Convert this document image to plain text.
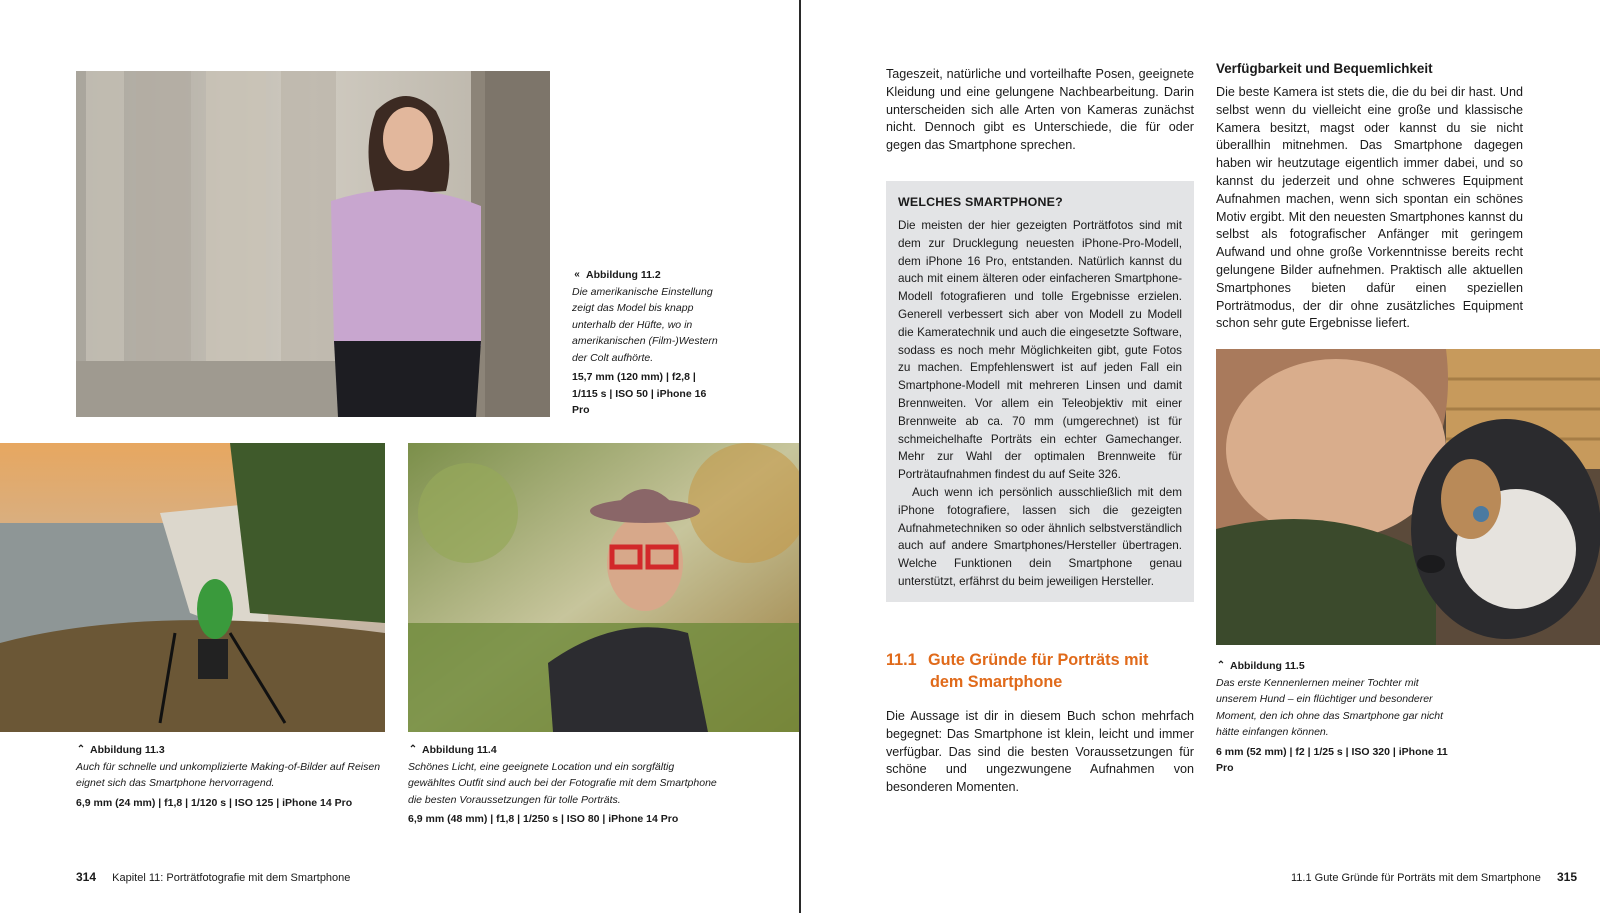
« Abbildung 11.2
Die amerikanische Einstellung zeigt das Model bis knapp unterhalb der Hüfte, wo in amerikanischen (Film-)Western der Colt aufhörte.
15,7 mm (120 mm) | f2,8 | 1/115 s | ISO 50 | iPhone 16 Pro
⌃ Abbildung 11.3
Auch für schnelle und unkomplizierte Making-of-Bilder auf Reisen eignet sich das Smartphone hervorragend.
6,9 mm (24 mm) | f1,8 | 1/120 s | ISO 125 | iPhone 14 Pro
⌃ Abbildung 11.4
Schönes Licht, eine geeignete Location und ein sorgfältig gewähltes Outfit sind auch bei der Fotografie mit dem Smartphone die besten Voraussetzungen für tolle Porträts.
6,9 mm (48 mm) | f1,8 | 1/250 s | ISO 80 | iPhone 14 Pro
314 Kapitel 11: Porträtfotografie mit dem Smartphone

Tageszeit, natürliche und vorteilhafte Posen, geeignete Kleidung und eine gelungene Nachbearbeitung. Darin unterscheiden sich alle Arten von Kameras zunächst nicht. Dennoch gibt es Unterschiede, die für oder gegen das Smartphone sprechen.

WELCHES SMARTPHONE?

Die meisten der hier gezeigten Porträtfotos sind mit dem zur Drucklegung neuesten iPhone-Pro-Modell, dem iPhone 16 Pro, entstanden. Natürlich kannst du auch mit einem älteren oder einfacheren Smartphone-Modell fotografieren und tolle Ergebnisse erzielen. Generell verbessert sich aber von Modell zu Modell die Kameratechnik und auch die eingesetzte Software, sodass es noch mehr Möglichkeiten gibt, gute Fotos zu machen. Empfehlenswert ist auf jeden Fall ein Smartphone-Modell mit mehreren Linsen und damit Brennweiten. Vor allem ein Teleobjektiv mit einer Brennweite ab ca. 70 mm (umgerechnet) ist für schmeichelhafte Porträts ein echter Gamechanger. Mehr zur Wahl der optimalen Brennweite für Porträtaufnahmen findest du auf Seite 326.

Auch wenn ich persönlich ausschließlich mit dem iPhone fotografiere, lassen sich die gezeigten Aufnahmetechniken so oder ähnlich selbstverständlich auch auf andere Smartphones/Hersteller übertragen. Welche Funktionen dein Smartphone genau unterstützt, erfährst du beim jeweiligen Hersteller.

11.1 Gute Gründe für Porträts mit
dem Smartphone

Die Aussage ist dir in diesem Buch schon mehrfach begegnet: Das Smartphone ist klein, leicht und immer verfügbar. Das sind die besten Voraussetzungen für schöne und ungezwungene Aufnahmen von besonderen Momenten.

Verfügbarkeit und Bequemlichkeit

Die beste Kamera ist stets die, die du bei dir hast. Und selbst wenn du vielleicht eine große und klassische Kamera besitzt, magst oder kannst du sie nicht überallhin mitnehmen. Das Smartphone dagegen haben wir heutzutage eigentlich immer dabei, und so kannst du jederzeit und ohne schweres Equipment Aufnahmen machen, wenn sich spontan ein schönes Motiv ergibt. Mit den neuesten Smartphones kannst du selbst als fotografischer Anfänger mit geringem Aufwand und ohne große Vorkenntnisse bereits recht gelungene Bilder aufnehmen. Praktisch alle aktuellen Smartphones bieten dafür einen speziellen Porträtmodus, der dir ohne zusätzliches Equipment schon sehr gute Ergebnisse liefert.

⌃ Abbildung 11.5
Das erste Kennenlernen meiner Tochter mit unserem Hund – ein flüchtiger und besonderer Moment, den ich ohne das Smartphone gar nicht hätte einfangen können.
6 mm (52 mm) | f2 | 1/25 s | ISO 320 | iPhone 11 Pro
11.1 Gute Gründe für Porträts mit dem Smartphone 315
